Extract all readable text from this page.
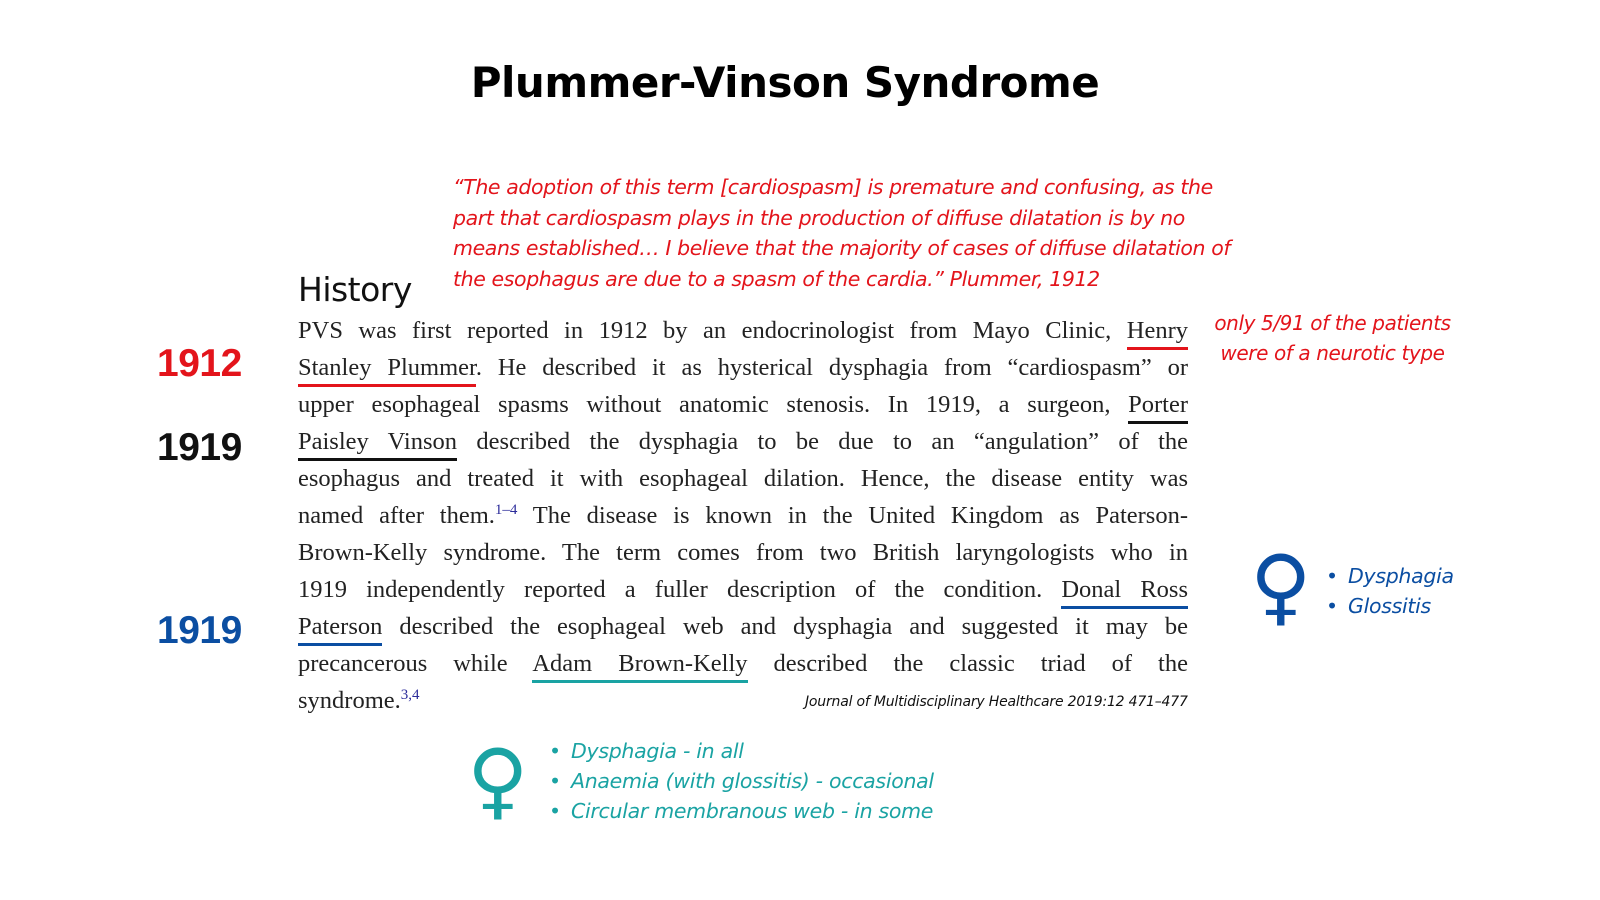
Plummer-Vinson Syndrome
“The adoption of this term [cardiospasm] is premature and confusing, as the part that cardiospasm plays in the production of diffuse dilatation is by no means established… I believe that the majority of cases of diffuse dilatation of the esophagus are due to a spasm of the cardia.” Plummer, 1912
History
1912
1919
1919
PVS was first reported in 1912 by an endocrinologist from Mayo Clinic, Henry
Stanley Plummer. He described it as hysterical dysphagia from “cardiospasm” or
upper esophageal spasms without anatomic stenosis. In 1919, a surgeon, Porter
Paisley Vinson described the dysphagia to be due to an “angulation” of the
esophagus and treated it with esophageal dilation. Hence, the disease entity was
named after them.$^{1-4}$ The disease is known in the United Kingdom as Paterson-
Brown-Kelly syndrome. The term comes from two British laryngologists who in
1919 independently reported a fuller description of the condition. Donal Ross
Paterson described the esophageal web and dysphagia and suggested it may be
precancerous while Adam Brown-Kelly described the classic triad of the
syndrome.$^{3,4}$	Journal of Multidisciplinary Healthcare 2019:12 471–477
only 5/91 of the patients were of a neurotic type
♀	• Dysphagia
• Glossitis
♀	• Dysphagia - in all
• Anaemia (with glossitis) - occasional
• Circular membranous web - in some
